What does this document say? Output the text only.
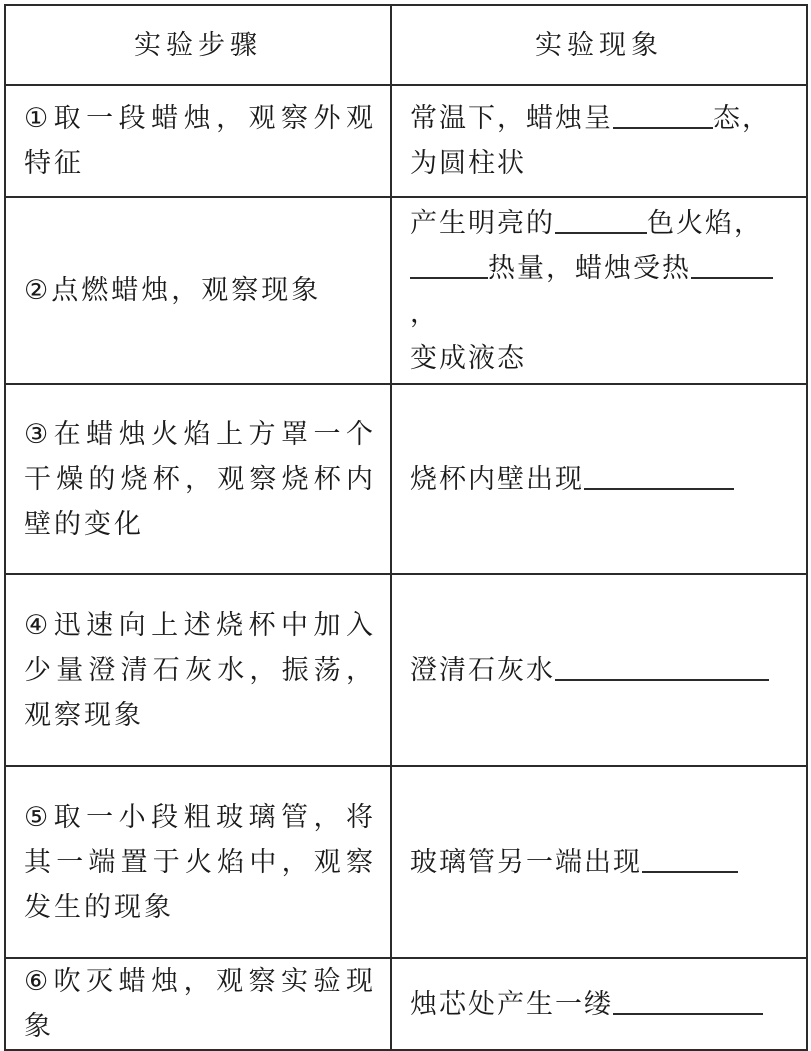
实验步骤	实验现象
①取一段蜡烛，观察外观特征	常温下，蜡烛呈 态，
为圆柱状
②点燃蜡烛，观察现象	产生明亮的 色火焰，
热量，蜡烛受热，
变成液态
③在蜡烛火焰上方罩一个干燥的烧杯，观察烧杯内壁的变化	烧杯内壁出现
④迅速向上述烧杯中加入少量澄清石灰水，振荡，观察现象	澄清石灰水
⑤取一小段粗玻璃管，将其一端置于火焰中，观察发生的现象	玻璃管另一端出现
⑥吹灭蜡烛，观察实验现象	烛芯处产生一缕
